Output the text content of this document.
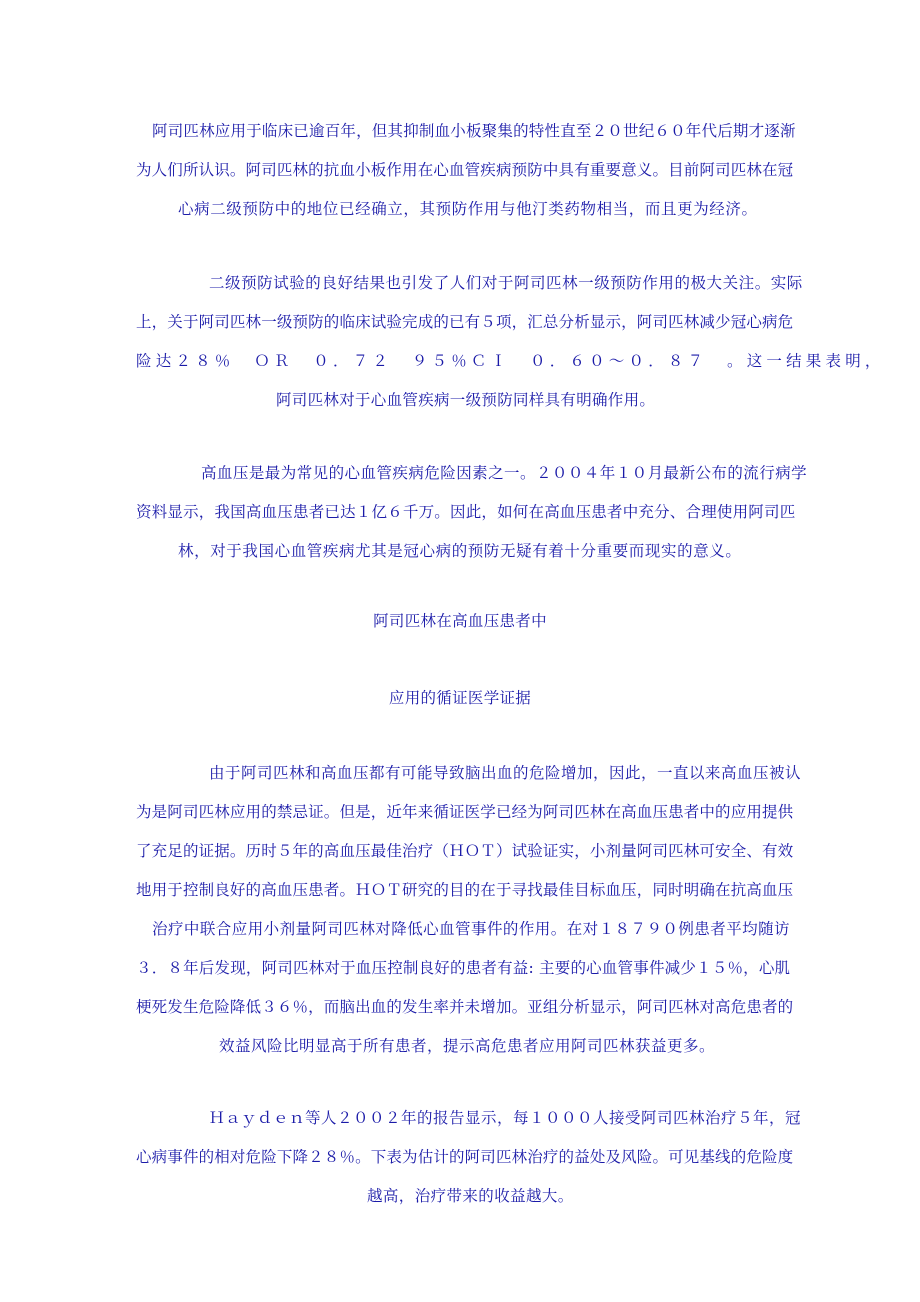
阿司匹林应用于临床已逾百年，但其抑制血小板聚集的特性直至２０世纪６０年代后期才逐渐
为人们所认识。阿司匹林的抗血小板作用在心血管疾病预防中具有重要意义。目前阿司匹林在冠
心病二级预防中的地位已经确立，其预防作用与他汀类药物相当，而且更为经济。
二级预防试验的良好结果也引发了人们对于阿司匹林一级预防作用的极大关注。实际
上，关于阿司匹林一级预防的临床试验完成的已有５项，汇总分析显示，阿司匹林减少冠心病危
险达２８％　ＯＲ　０．７２　９５％ＣＩ　０．６０～０．８７　。这一结果表明，
阿司匹林对于心血管疾病一级预防同样具有明确作用。
高血压是最为常见的心血管疾病危险因素之一。２００４年１０月最新公布的流行病学
资料显示，我国高血压患者已达１亿６千万。因此，如何在高血压患者中充分、合理使用阿司匹
林，对于我国心血管疾病尤其是冠心病的预防无疑有着十分重要而现实的意义。
阿司匹林在高血压患者中
应用的循证医学证据
由于阿司匹林和高血压都有可能导致脑出血的危险增加，因此，一直以来高血压被认
为是阿司匹林应用的禁忌证。但是，近年来循证医学已经为阿司匹林在高血压患者中的应用提供
了充足的证据。历时５年的高血压最佳治疗（ＨＯＴ）试验证实，小剂量阿司匹林可安全、有效
地用于控制良好的高血压患者。ＨＯＴ研究的目的在于寻找最佳目标血压，同时明确在抗高血压
治疗中联合应用小剂量阿司匹林对降低心血管事件的作用。在对１８７９０例患者平均随访
３．８年后发现，阿司匹林对于血压控制良好的患者有益: 主要的心血管事件减少１５％，心肌
梗死发生危险降低３６％，而脑出血的发生率并未增加。亚组分析显示，阿司匹林对高危患者的
效益风险比明显高于所有患者，提示高危患者应用阿司匹林获益更多。
Ｈａｙｄｅｎ等人２００２年的报告显示，每１０００人接受阿司匹林治疗５年，冠
心病事件的相对危险下降２８％。下表为估计的阿司匹林治疗的益处及风险。可见基线的危险度
越高，治疗带来的收益越大。
